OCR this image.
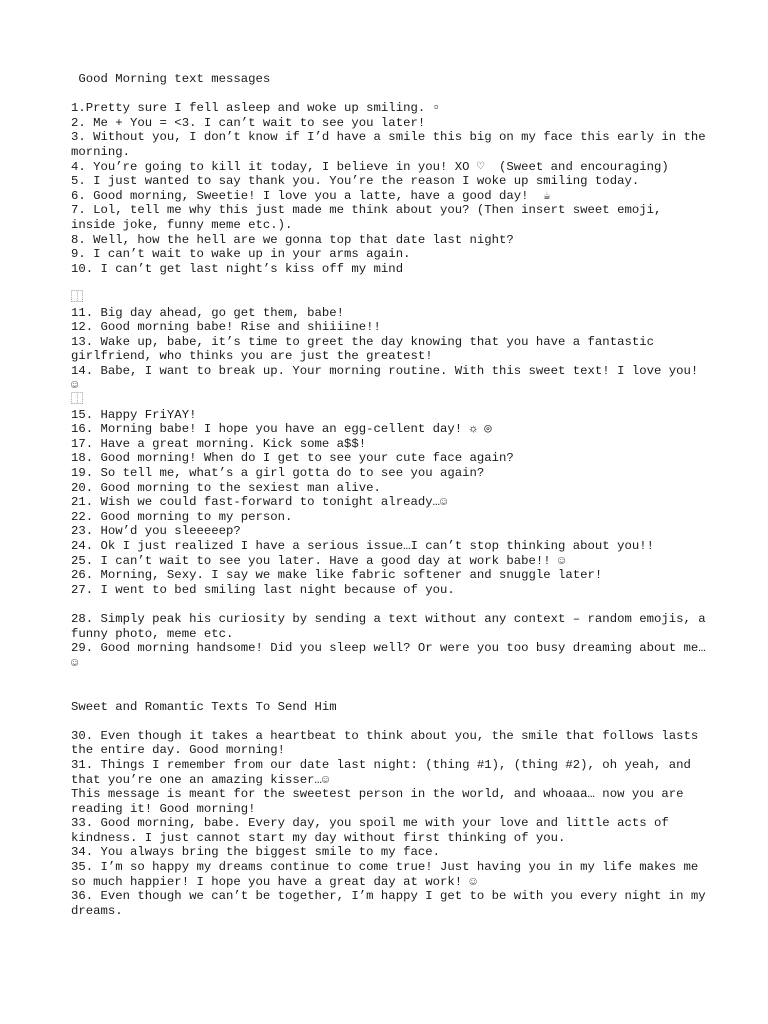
Good Morning text messages

1.Pretty sure I fell asleep and woke up smiling. ▫

2. Me + You = <3. I can’t wait to see you later!

3. Without you, I don’t know if I’d have a smile this big on my face this early in the morning.

4. You’re going to kill it today, I believe in you! XO ♡  (Sweet and encouraging)

5. I just wanted to say thank you. You’re the reason I woke up smiling today.

6. Good morning, Sweetie! I love you a latte, have a good day!  ☕

7. Lol, tell me why this just made me think about you? (Then insert sweet emoji, inside joke, funny meme etc.).

8. Well, how the hell are we gonna top that date last night?

9. I can’t wait to wake up in your arms again.

10. I can’t get last night’s kiss off my mind

⿰

11. Big day ahead, go get them, babe!

12. Good morning babe! Rise and shiiiine!!

13. Wake up, babe, it’s time to greet the day knowing that you have a fantastic girlfriend, who thinks you are just the greatest!

14. Babe, I want to break up. Your morning routine. With this sweet text! I love you! ☺

⿰

15. Happy FriYAY!

16. Morning babe! I hope you have an egg-cellent day! ☼ ◎

17. Have a great morning. Kick some a$$!

18. Good morning! When do I get to see your cute face again?

19. So tell me, what’s a girl gotta do to see you again?

20. Good morning to the sexiest man alive.

21. Wish we could fast-forward to tonight already…☺

22. Good morning to my person.

23. How’d you sleeeeep?

24. Ok I just realized I have a serious issue…I can’t stop thinking about you!!

25. I can’t wait to see you later. Have a good day at work babe!! ☺

26. Morning, Sexy. I say we make like fabric softener and snuggle later!

27. I went to bed smiling last night because of you.

28. Simply peak his curiosity by sending a text without any context – random emojis, a funny photo, meme etc.

29. Good morning handsome! Did you sleep well? Or were you too busy dreaming about me… ☺

Sweet and Romantic Texts To Send Him

30. Even though it takes a heartbeat to think about you, the smile that follows lasts the entire day. Good morning!

31. Things I remember from our date last night: (thing #1), (thing #2), oh yeah, and that you’re one an amazing kisser…☺

This message is meant for the sweetest person in the world, and whoaaa… now you are reading it! Good morning!

33. Good morning, babe. Every day, you spoil me with your love and little acts of kindness. I just cannot start my day without first thinking of you.

34. You always bring the biggest smile to my face.

35. I’m so happy my dreams continue to come true! Just having you in my life makes me so much happier! I hope you have a great day at work! ☺

36. Even though we can’t be together, I’m happy I get to be with you every night in my dreams.
